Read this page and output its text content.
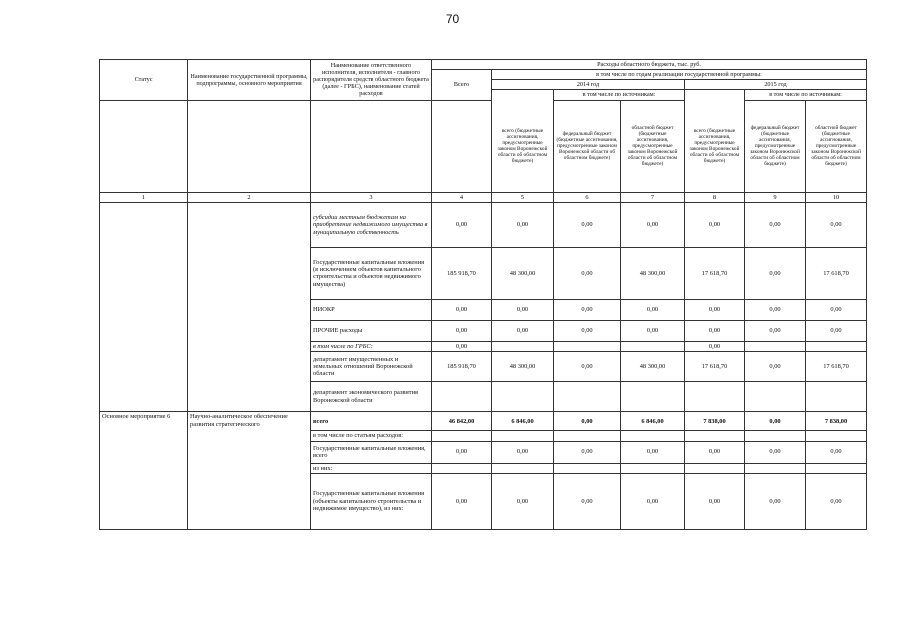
70
Статус	Наименование государственной программы, подпрограммы, основного мероприятия	Наименование ответственного исполнителя, исполнителя - главного распорядителя средств областного бюджета (далее - ГРБС), наименование статей расходов	Расходы областного бюджета, тыс. руб.						
			Всего	в том числе по годам реализации государственной программы:					
				2014 год			2015 год		
					в том числе по источникам:			в том числе по источникам:	
				всего (бюджетные ассигнования, предусмотренные законом Воронежской области об областном бюджете)	федеральный бюджет (бюджетные ассигнования, предусмотренные законом Воронежской области об областном бюджете)	областной бюджет (бюджетные ассигнования, предусмотренные законом Воронежской области об областном бюджете)	всего (бюджетные ассигнования, предусмотренные законом Воронежской области об областном бюджете)	федеральный бюджет (бюджетные ассигнования, предусмотренные законом Воронежской области об областном бюджете)	областной бюджет (бюджетные ассигнования, предусмотренные законом Воронежской области об областном бюджете)
1	2	3	4	5	6	7	8	9	10
		субсидии местным бюджетам на приобретение недвижимого имущества в муниципальную собственность	0,00	0,00	0,00	0,00	0,00	0,00	0,00
		Государственные капитальные вложения (в исключением объектов капитального строительства и объектов недвижимого имущества)	185 918,70	48 300,00	0,00	48 300,00	17 618,70	0,00	17 618,70
		НИОКР	0,00	0,00	0,00	0,00	0,00	0,00	0,00
		ПРОЧИЕ расходы	0,00	0,00	0,00	0,00	0,00	0,00	0,00
		в том числе по ГРБС:	0,00				0,00		
		департамент имущественных и земельных отношений Воронежской области	185 918,70	48 300,00	0,00	48 300,00	17 618,70	0,00	17 618,70
		департамент экономического развития Воронежской области							
Основное мероприятие 6	Научно-аналитическое обеспечение развития стратегического	всего	46 842,00	6 846,00	0,00	6 846,00	7 838,00	0,00	7 838,00
		в том числе по статьям расходов:							
		Государственные капитальные вложения, всего	0,00	0,00	0,00	0,00	0,00	0,00	0,00
		из них:							
		Государственные капитальные вложения (объекты капитального строительства и недвижимое имущество), из них:	0,00	0,00	0,00	0,00	0,00	0,00	0,00
